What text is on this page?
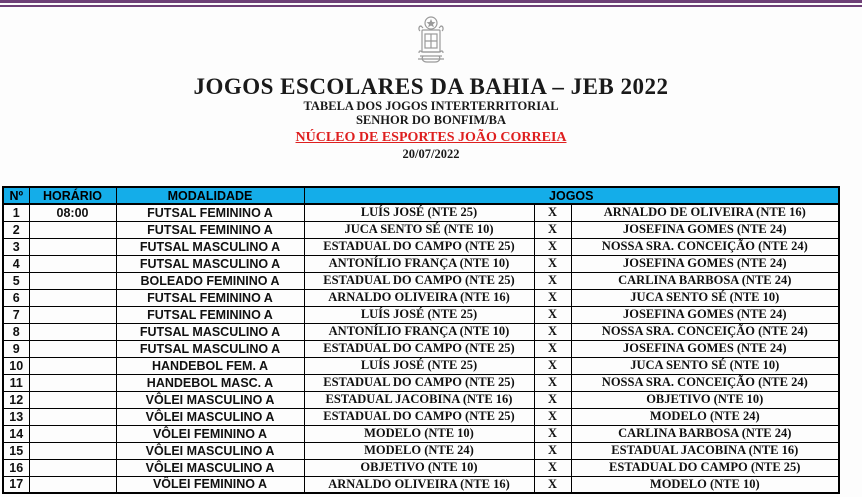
JOGOS ESCOLARES DA BAHIA – JEB 2022
TABELA DOS JOGOS INTERTERRITORIAL
SENHOR DO BONFIM/BA
NÚCLEO DE ESPORTES JOÃO CORREIA
20/07/2022
Nº	HORÁRIO	MODALIDADE	JOGOS		
1	08:00	FUTSAL FEMININO A	LUÍS JOSÉ (NTE 25)	X	ARNALDO DE OLIVEIRA (NTE 16)
2		FUTSAL FEMININO A	JUCA SENTO SÉ (NTE 10)	X	JOSEFINA GOMES (NTE 24)
3		FUTSAL MASCULINO A	ESTADUAL DO CAMPO (NTE 25)	X	NOSSA SRA. CONCEIÇÃO (NTE 24)
4		FUTSAL MASCULINO A	ANTONÍLIO FRANÇA (NTE 10)	X	JOSEFINA GOMES (NTE 24)
5		BOLEADO FEMININO A	ESTADUAL DO CAMPO (NTE 25)	X	CARLINA BARBOSA (NTE 24)
6		FUTSAL FEMININO A	ARNALDO OLIVEIRA (NTE 16)	X	JUCA SENTO SÉ (NTE 10)
7		FUTSAL FEMININO A	LUÍS JOSÉ (NTE 25)	X	JOSEFINA GOMES (NTE 24)
8		FUTSAL MASCULINO A	ANTONÍLIO FRANÇA (NTE 10)	X	NOSSA SRA. CONCEIÇÃO (NTE 24)
9		FUTSAL MASCULINO A	ESTADUAL DO CAMPO (NTE 25)	X	JOSEFINA GOMES (NTE 24)
10		HANDEBOL FEM. A	LUÍS JOSÉ (NTE 25)	X	JUCA SENTO SÉ (NTE 10)
11		HANDEBOL MASC. A	ESTADUAL DO CAMPO (NTE 25)	X	NOSSA SRA. CONCEIÇÃO (NTE 24)
12		VÔLEI MASCULINO A	ESTADUAL JACOBINA (NTE 16)	X	OBJETIVO (NTE 10)
13		VÔLEI MASCULINO A	ESTADUAL DO CAMPO (NTE 25)	X	MODELO (NTE 24)
14		VÔLEI FEMININO A	MODELO (NTE 10)	X	CARLINA BARBOSA (NTE 24)
15		VÔLEI MASCULINO A	MODELO (NTE 24)	X	ESTADUAL JACOBINA (NTE 16)
16		VÔLEI MASCULINO A	OBJETIVO (NTE 10)	X	ESTADUAL DO CAMPO (NTE 25)
17		VÔLEI FEMININO A	ARNALDO OLIVEIRA (NTE 16)	X	MODELO (NTE 10)
